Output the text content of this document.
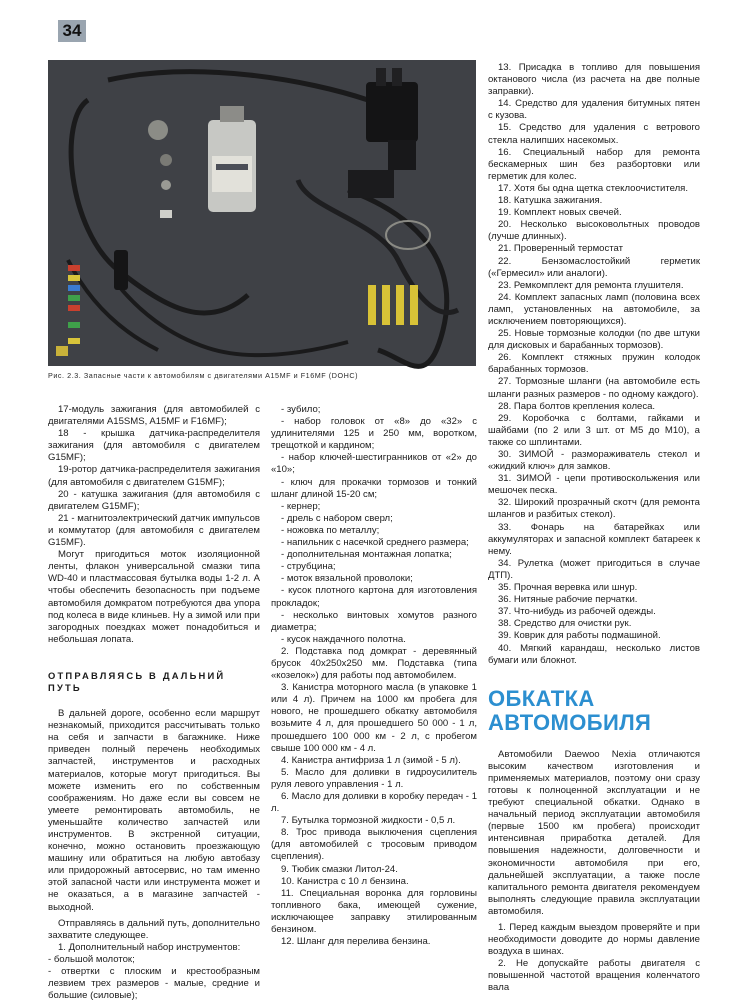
34
Рис. 2.3. Запасные части к автомобилям с двигателями A15MF и F16MF (DOHC)

17-модуль зажигания (для автомобилей с двигателями A15SMS, A15MF и F16MF);

18 - крышка датчика-распределителя зажигания (для автомобиля с двигателем G15MF);

19-ротор датчика-распределителя зажигания (для автомобиля с двигателем G15MF);

20 - катушка зажигания (для автомобиля с двигателем G15MF);

21 - магнитоэлектрический датчик импульсов и коммутатор (для автомобиля с двигателем G15MF).

Могут пригодиться моток изоляционной ленты, флакон универсальной смазки типа WD-40 и пластмассовая бутылка воды 1-2 л. А чтобы обеспечить безопасность при подъеме автомобиля домкратом потребуются два упора под колеса в виде клиньев. Ну а зимой или при загородных поездках может понадобиться и небольшая лопата.

ОТПРАВЛЯЯСЬ В ДАЛЬНИЙ ПУТЬ

В дальней дороге, особенно если маршрут незнакомый, приходится рассчитывать только на себя и запчасти в багажнике. Ниже приведен полный перечень необходимых запчастей, инструментов и расходных материалов, которые могут пригодиться. Вы можете изменить его по собственным соображениям. Но даже если вы совсем не умеете ремонтировать автомобиль, не уменьшайте количество запчастей или инструментов. В экстренной ситуации, конечно, можно остановить проезжающую машину или обратиться на любую автобазу или придорожный автосервис, но там именно этой запасной части или инструмента может и не оказаться, а в магазине запчастей - выходной.

Отправляясь в дальний путь, дополнительно захватите следующее.

1. Дополнительный набор инструментов:

- большой молоток;

- отвертки с плоским и крестообразным лезвием трех размеров - малые, средние и большие (силовые);

- зубило;

- набор головок от «8» до «32» с удлинителями 125 и 250 мм, воротком, трещоткой и кардином;

- набор ключей-шестигранников от «2» до «10»;

- ключ для прокачки тормозов и тонкий шланг длиной 15-20 см;

- кернер;

- дрель с набором сверл;

- ножовка по металлу;

- напильник с насечкой среднего размера;

- дополнительная монтажная лопатка;

- струбцина;

- моток вязальной проволоки;

- кусок плотного картона для изготовления прокладок;

- несколько винтовых хомутов разного диаметра;

- кусок наждачного полотна.

2. Подставка под домкрат - деревянный брусок 40x250x250 мм. Подставка (типа «козелок») для работы под автомобилем.

3. Канистра моторного масла (в упаковке 1 или 4 л). Причем на 1000 км пробега для нового, не прошедшего обкатку автомобиля возьмите 4 л, для прошедшего 50 000 - 1 л, прошедшего 100 000 км - 2 л, с пробегом свыше 100 000 км - 4 л.

4. Канистра антифриза 1 л (зимой - 5 л).

5. Масло для доливки в гидроусилитель руля левого управления - 1 л.

6. Масло для доливки в коробку передач - 1 л.

7. Бутылка тормозной жидкости - 0,5 л.

8. Трос привода выключения сцепления (для автомобилей с тросовым приводом сцепления).

9. Тюбик смазки Литол-24.

10. Канистра с 10 л бензина.

11. Специальная воронка для горловины топливного бака, имеющей сужение, исключающее заправку этилированным бензином.

12. Шланг для перелива бензина.

13. Присадка в топливо для повышения октанового числа (из расчета на две полные заправки).

14. Средство для удаления битумных пятен с кузова.

15. Средство для удаления с ветрового стекла налипших насекомых.

16. Специальный набор для ремонта бескамерных шин без разбортовки или герметик для колес.

17. Хотя бы одна щетка стеклоочистителя.

18. Катушка зажигания.

19. Комплект новых свечей.

20. Несколько высоковольтных проводов (лучше длинных).

21. Проверенный термостат

22. Бензомаслостойкий герметик («Гермесил» или аналоги).

23. Ремкомплект для ремонта глушителя.

24. Комплект запасных ламп (половина всех ламп, установленных на автомобиле, за исключением повторяющихся).

25. Новые тормозные колодки (по две штуки для дисковых и барабанных тормозов).

26. Комплект стяжных пружин колодок барабанных тормозов.

27. Тормозные шланги (на автомобиле есть шланги разных размеров - по одному каждого).

28. Пара болтов крепления колеса.

29. Коробочка с болтами, гайками и шайбами (по 2 или 3 шт. от М5 до М10), а также со шплинтами.

30. ЗИМОЙ - размораживатель стекол и «жидкий ключ» для замков.

31. ЗИМОЙ - цепи противоскольжения или мешочек песка.

32. Широкий прозрачный скотч (для ремонта шлангов и разбитых стекол).

33. Фонарь на батарейках или аккумуляторах и запасной комплект батареек к нему.

34. Рулетка (может пригодиться в случае ДТП).

35. Прочная веревка или шнур.

36. Нитяные рабочие перчатки.

37. Что-нибудь из рабочей одежды.

38. Средство для очистки рук.

39. Коврик для работы подмашиной.

40. Мягкий карандаш, несколько листов бумаги или блокнот.

ОБКАТКА
АВТОМОБИЛЯ

Автомобили Daewoo Nexia отличаются высоким качеством изготовления и применяемых материалов, поэтому они сразу готовы к полноценной эксплуатации и не требуют специальной обкатки. Однако в начальный период эксплуатации автомобиля (первые 1500 км пробега) происходит интенсивная приработка деталей. Для повышения надежности, долговечности и экономичности автомобиля при его, дальнейшей эксплуатации, а также после капитального ремонта двигателя рекомендуем выполнять следующие правила эксплуатации автомобиля.

1. Перед каждым выездом проверяйте и при необходимости доводите до нормы давление воздуха в шинах.

2. Не допускайте работы двигателя с повышенной частотой вращения коленчатого вала
